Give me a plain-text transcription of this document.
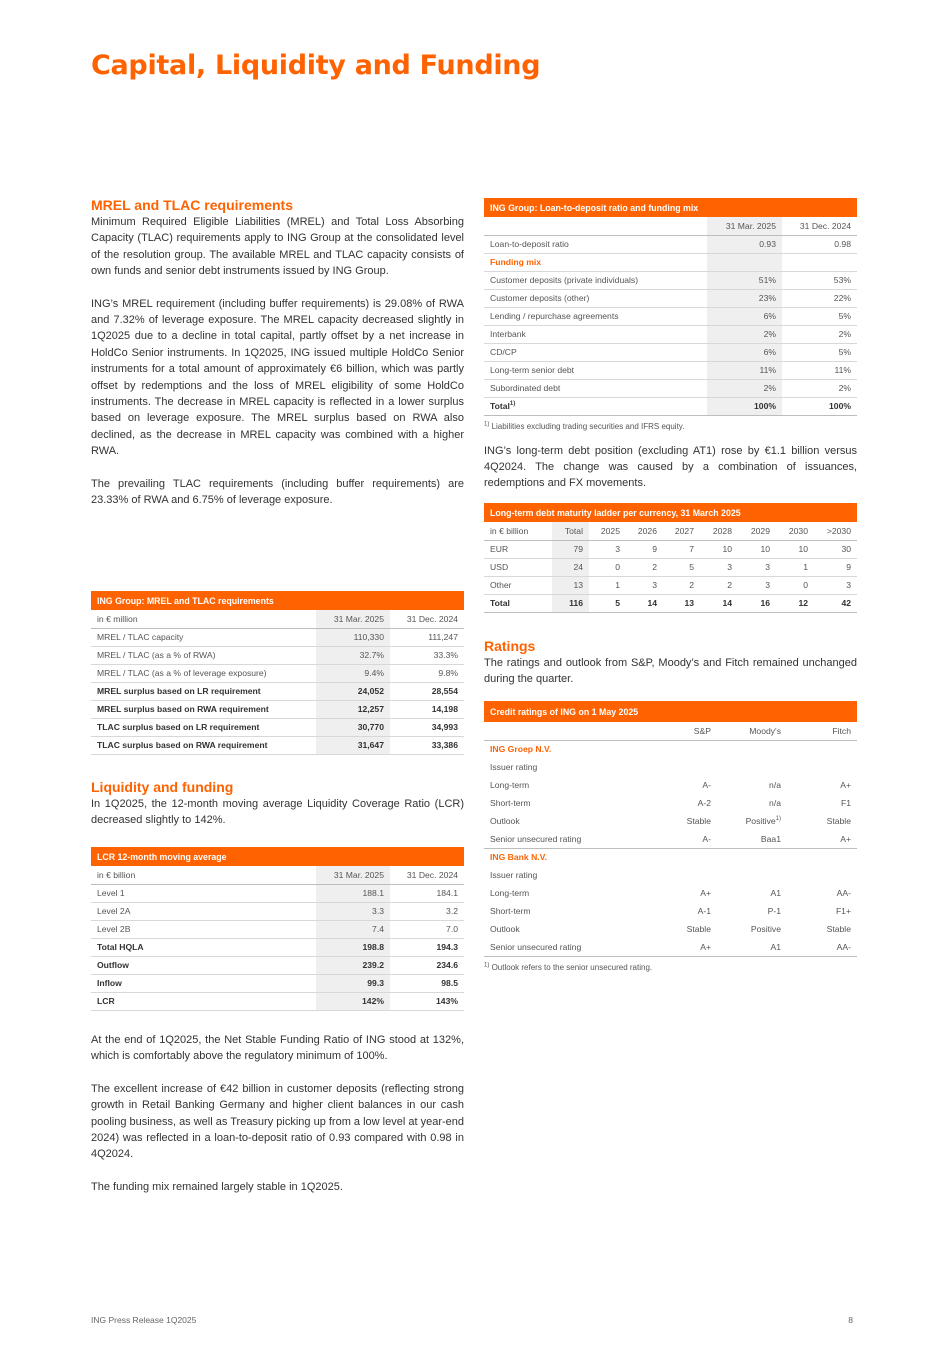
Capital, Liquidity and Funding
MREL and TLAC requirements

Minimum Required Eligible Liabilities (MREL) and Total Loss Absorbing Capacity (TLAC) requirements apply to ING Group at the consolidated level of the resolution group. The available MREL and TLAC capacity consists of own funds and senior debt instruments issued by ING Group.

ING’s MREL requirement (including buffer requirements) is 29.08% of RWA and 7.32% of leverage exposure. The MREL capacity decreased slightly in 1Q2025 due to a decline in total capital, partly offset by a net increase in HoldCo Senior instruments. In 1Q2025, ING issued multiple HoldCo Senior instruments for a total amount of approximately €6 billion, which was partly offset by redemptions and the loss of MREL eligibility of some HoldCo instruments. The decrease in MREL capacity is reflected in a lower surplus based on leverage exposure. The MREL surplus based on RWA also declined, as the decrease in MREL capacity was combined with a higher RWA.

The prevailing TLAC requirements (including buffer requirements) are 23.33% of RWA and 6.75% of leverage exposure.

ING Group: MREL and TLAC requirements		
in € million	31 Mar. 2025	31 Dec. 2024
MREL / TLAC capacity	110,330	111,247
MREL / TLAC (as a % of RWA)	32.7%	33.3%
MREL / TLAC (as a % of leverage exposure)	9.4%	9.8%
MREL surplus based on LR requirement	24,052	28,554
MREL surplus based on RWA requirement	12,257	14,198
TLAC surplus based on LR requirement	30,770	34,993
TLAC surplus based on RWA requirement	31,647	33,386
Liquidity and funding

In 1Q2025, the 12-month moving average Liquidity Coverage Ratio (LCR) decreased slightly to 142%.

LCR 12-month moving average		
in € billion	31 Mar. 2025	31 Dec. 2024
Level 1	188.1	184.1
Level 2A	3.3	3.2
Level 2B	7.4	7.0
Total HQLA	198.8	194.3
Outflow	239.2	234.6
Inflow	99.3	98.5
LCR	142%	143%

At the end of 1Q2025, the Net Stable Funding Ratio of ING stood at 132%, which is comfortably above the regulatory minimum of 100%.

The excellent increase of €42 billion in customer deposits (reflecting strong growth in Retail Banking Germany and higher client balances in our cash pooling business, as well as Treasury picking up from a low level at year-end 2024) was reflected in a loan-to-deposit ratio of 0.93 compared with 0.98 in 4Q2024.

The funding mix remained largely stable in 1Q2025.

ING Group: Loan-to-deposit ratio and funding mix		
	31 Mar. 2025	31 Dec. 2024
Loan-to-deposit ratio	0.93	0.98
Funding mix		
Customer deposits (private individuals)	51%	53%
Customer deposits (other)	23%	22%
Lending / repurchase agreements	6%	5%
Interbank	2%	2%
CD/CP	6%	5%
Long-term senior debt	11%	11%
Subordinated debt	2%	2%
Total$^{1)}$	100%	100%
$^{1)}$ Liabilities excluding trading securities and IFRS equity.

ING’s long-term debt position (excluding AT1) rose by €1.1 billion versus 4Q2024. The change was caused by a combination of issuances, redemptions and FX movements.

Long-term debt maturity ladder per currency, 31 March 2025								
in € billion	Total	2025	2026	2027	2028	2029	2030	>2030
EUR	79	3	9	7	10	10	10	30
USD	24	0	2	5	3	3	1	9
Other	13	1	3	2	2	3	0	3
Total	116	5	14	13	14	16	12	42
Ratings

The ratings and outlook from S&P, Moody’s and Fitch remained unchanged during the quarter.

Credit ratings of ING on 1 May 2025			
	S&P	Moody's	Fitch
ING Groep N.V.			
Issuer rating			
Long-term	A-	n/a	A+
Short-term	A-2	n/a	F1
Outlook	Stable	Positive$^{1)}$	Stable
Senior unsecured rating	A-	Baa1	A+
ING Bank N.V.			
Issuer rating			
Long-term	A+	A1	AA-
Short-term	A-1	P-1	F1+
Outlook	Stable	Positive	Stable
Senior unsecured rating	A+	A1	AA-
$^{1)}$ Outlook refers to the senior unsecured rating.
ING Press Release 1Q2025	8
